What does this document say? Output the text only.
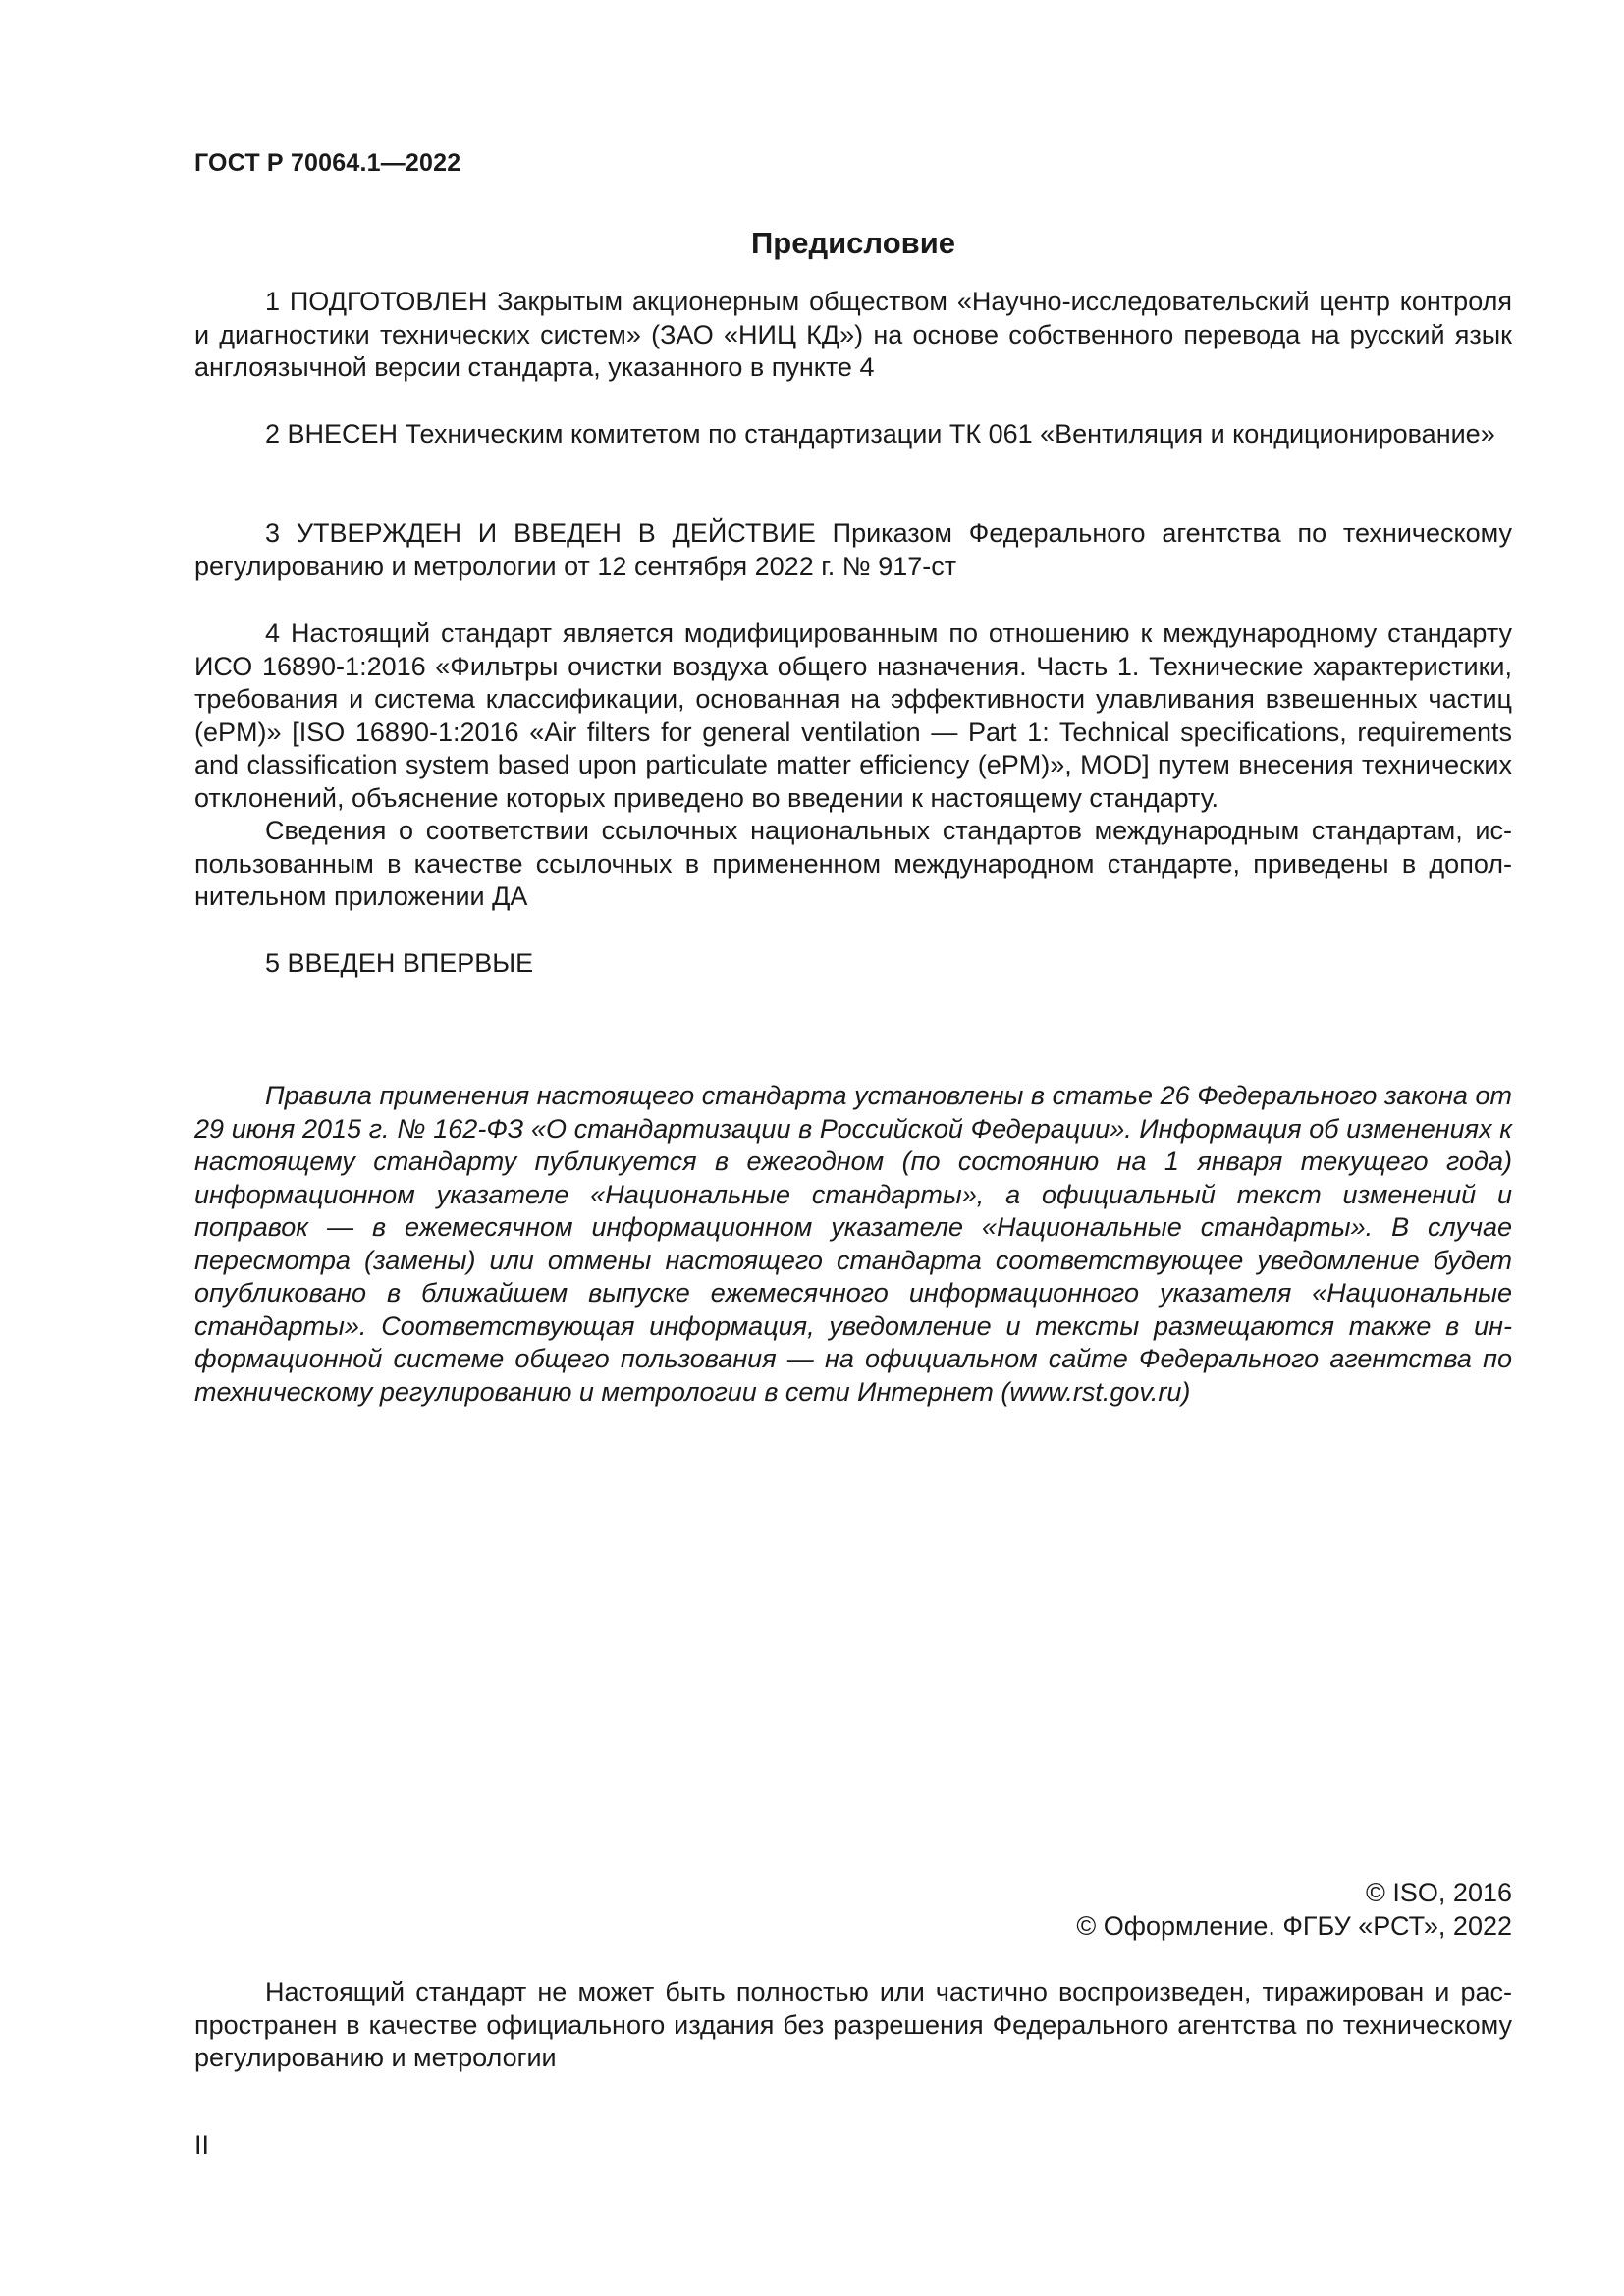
ГОСТ Р 70064.1—2022
Предисловие

1 ПОДГОТОВЛЕН Закрытым акционерным обществом «Научно-исследовательский центр контроля и диагностики технических систем» (ЗАО «НИЦ КД») на основе собственного перевода на русский язык англоязычной версии стандарта, указанного в пункте 4

2 ВНЕСЕН Техническим комитетом по стандартизации ТК 061 «Вентиляция и кондиционирование»

3 УТВЕРЖДЕН И ВВЕДЕН В ДЕЙСТВИЕ Приказом Федерального агентства по техническому регулированию и метрологии от 12 сентября 2022 г. № 917-ст

4 Настоящий стандарт является модифицированным по отношению к международному стандарту ИСО 16890-1:2016 «Фильтры очистки воздуха общего назначения. Часть 1. Технические характеристики, требования и система классификации, основанная на эффективности улавливания взвешенных частиц (ePM)» [ISO 16890-1:2016 «Air filters for general ventilation — Part 1: Technical specifications, requirements and classification system based upon particulate matter efficiency (ePM)», MOD] путем внесения технических отклонений, объяснение которых приведено во введении к настоящему стандарту.

Сведения о соответствии ссылочных национальных стандартов международным стандартам, использованным в качестве ссылочных в примененном международном стандарте, приведены в дополнительном приложении ДА

5 ВВЕДЕН ВПЕРВЫЕ

Правила применения настоящего стандарта установлены в статье 26 Федерального закона от 29 июня 2015 г. № 162-ФЗ «О стандартизации в Российской Федерации». Информация об изменениях к настоящему стандарту публикуется в ежегодном (по состоянию на 1 января текущего года) информационном указателе «Национальные стандарты», а официальный текст изменений и поправок — в ежемесячном информационном указателе «Национальные стандарты». В случае пересмотра (замены) или отмены настоящего стандарта соответствующее уведомление будет опубликовано в ближайшем выпуске ежемесячного информационного указателя «Национальные стандарты». Соответствующая информация, уведомление и тексты размещаются также в информационной системе общего пользования — на официальном сайте Федерального агентства по техническому регулированию и метрологии в сети Интернет (www.rst.gov.ru)

© ISO, 2016
© Оформление. ФГБУ «РСТ», 2022

Настоящий стандарт не может быть полностью или частично воспроизведен, тиражирован и распространен в качестве официального издания без разрешения Федерального агентства по техническому регулированию и метрологии

II
